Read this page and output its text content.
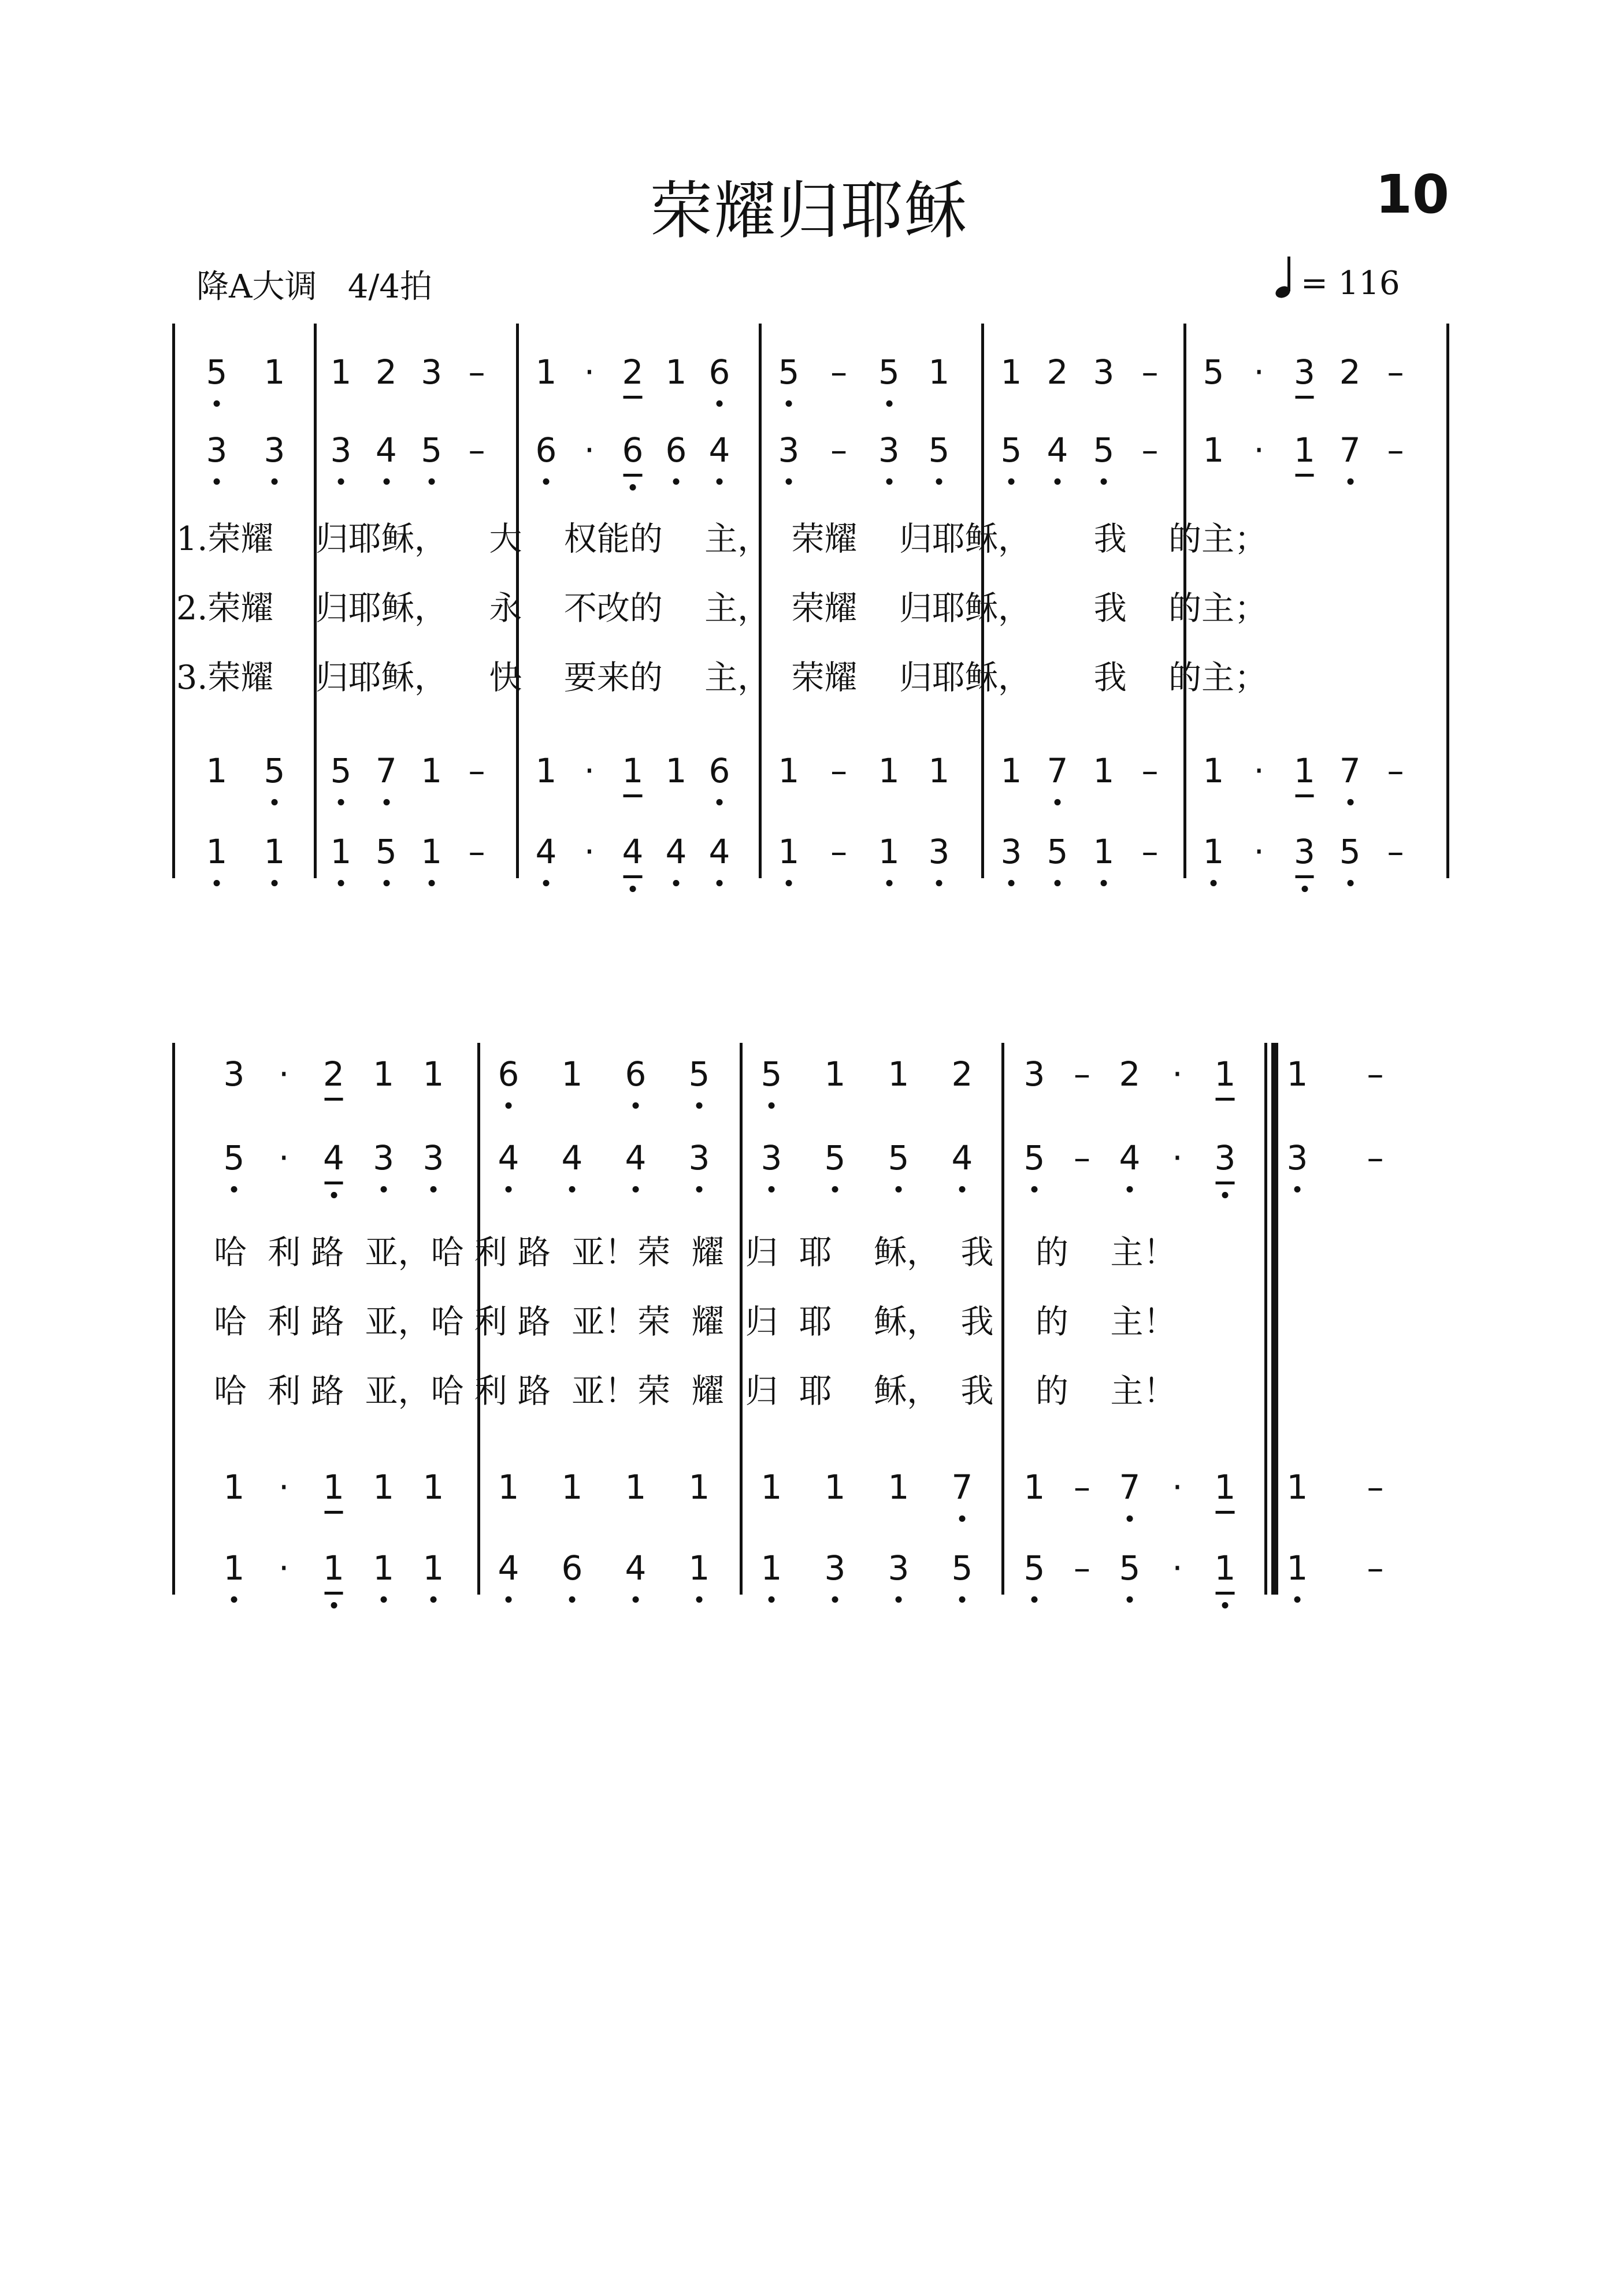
荣耀归耶稣	10
降A大调   4/4拍	= 116
5 1 1 2 3 – 1 · 2 1 6 5 – 5 1 1 2 3 – 5 · 3 2 –
3 3 3 4 5 – 6 · 6 6 4 3 – 3 5 5 4 5 – 1 · 1 7 –
1 5 5 7 1 – 1 · 1 1 6 1 – 1 1 1 7 1 – 1 · 1 7 –
1 1 1 5 1 – 4 · 4 4 4 1 – 1 3 3 5 1 – 1 · 3 5 –
1.荣耀    归耶稣，    大    权能的    主，  荣耀    归耶稣，      我    的主；
2.荣耀    归耶稣，    永    不改的    主，  荣耀    归耶稣，      我    的主；
3.荣耀    归耶稣，    快    要来的    主，  荣耀    归耶稣，      我    的主；
3 · 2 1 1 6 1 6 5 5 1 1 2 3 – 2 · 1 1 –
5 · 4 3 3 4 4 4 3 3 5 5 4 5 – 4 · 3 3 –
1 · 1 1 1 1 1 1 1 1 1 1 7 1 – 7 · 1 1 –
1 · 1 1 1 4 6 4 1 1 3 3 5 5 – 5 · 1 1 –
哈  利 路  亚，哈 利 路  亚！荣  耀  归  耶    稣，  我    的    主！
哈  利 路  亚，哈 利 路  亚！荣  耀  归  耶    稣，  我    的    主！
哈  利 路  亚，哈 利 路  亚！荣  耀  归  耶    稣，  我    的    主！
